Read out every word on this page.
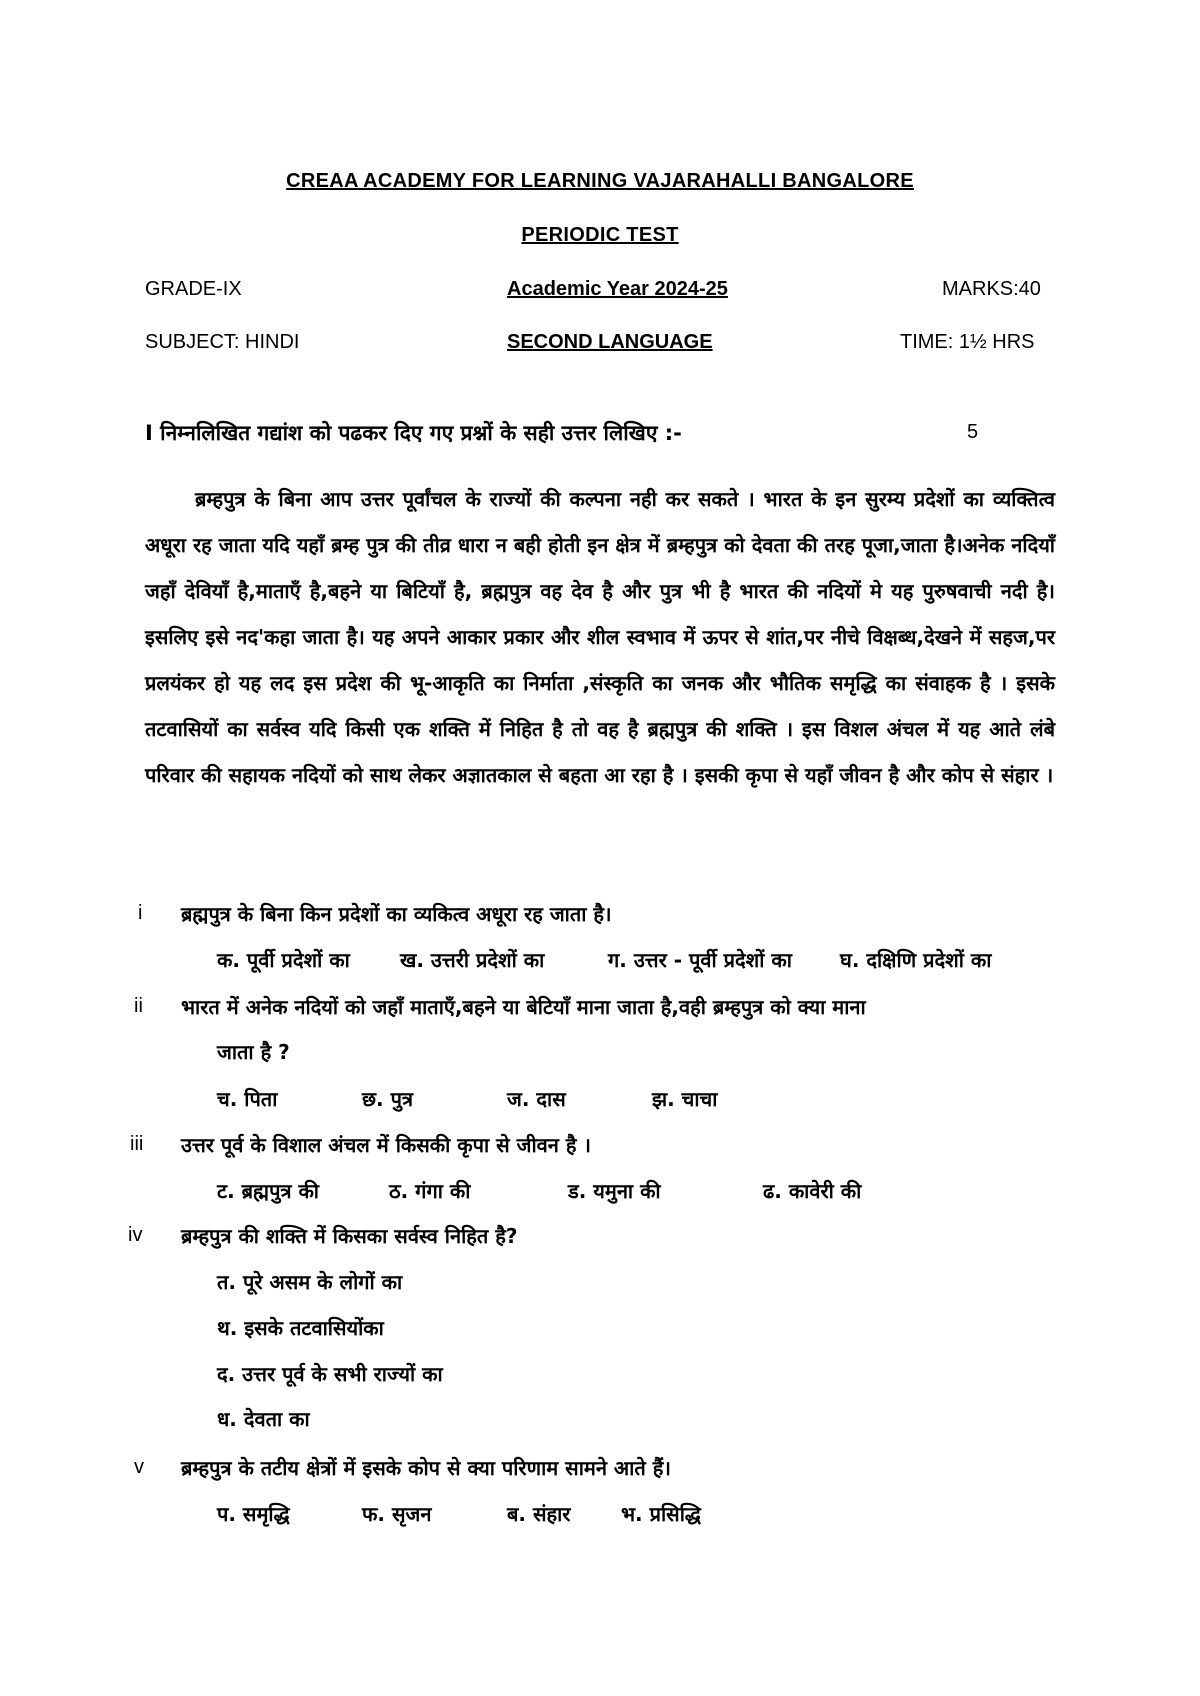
CREAA ACADEMY FOR LEARNING VAJARAHALLI BANGALORE
PERIODIC TEST
GRADE-IX	Academic Year 2024-25	MARKS:40
SUBJECT: HINDI	SECOND LANGUAGE	TIME: 1½ HRS
I निम्नलिखित गद्यांश को पढकर दिए गए प्रश्नों के सही उत्तर लिखिए :-	5

ब्रम्हपुत्र के बिना आप उत्तर पूर्वांचल के राज्यों की कल्पना नही कर सकते । भारत के इन सुरम्य प्रदेशों का व्यक्तित्व अधूरा रह जाता यदि यहाँ ब्रम्ह पुत्र की तीव्र धारा न बही होती इन क्षेत्र में ब्रम्हपुत्र को देवता की तरह पूजा,जाता है।अनेक नदियाँ जहाँ देवियाँ है,माताएँ है,बहने या बिटियाँ है, ब्रह्मपुत्र वह देव है और पुत्र भी है भारत की नदियों मे यह पुरुषवाची नदी है। इसलिए इसे नद'कहा जाता है। यह अपने आकार प्रकार और शील स्वभाव में ऊपर से शांत,पर नीचे विक्षब्ध,देखने में सहज,पर प्रलयंकर हो यह लद इस प्रदेश की भू-आकृति का निर्माता ,संस्कृति का जनक और भौतिक समृद्धि का संवाहक है । इसके तटवासियों का सर्वस्व यदि किसी एक शक्ति में निहित है तो वह है ब्रह्मपुत्र की शक्ति । इस विशल अंचल में यह आते लंबे परिवार की सहायक नदियों को साथ लेकर अज्ञातकाल से बहता आ रहा है । इसकी कृपा से यहाँ जीवन है और कोप से संहार ।

i ब्रह्मपुत्र के बिना किन प्रदेशों का व्यकित्व अधूरा रह जाता है।
क. पूर्वी प्रदेशों का	ख. उत्तरी प्रदेशों का	ग. उत्तर - पूर्वी प्रदेशों का घ. दक्षिणि प्रदेशों का
ii भारत में अनेक नदियों को जहाँ माताएँ,बहने या बेटियाँ माना जाता है,वही ब्रम्हपुत्र को क्या माना
जाता है ?
च. पिता	छ. पुत्र	ज. दास	झ. चाचा
iii उत्तर पूर्व के विशाल अंचल में किसकी कृपा से जीवन है ।
ट. ब्रह्मपुत्र की	ठ. गंगा की	ड. यमुना की	ढ. कावेरी की
iv ब्रम्हपुत्र की शक्ति में किसका सर्वस्व निहित है?
त. पूरे असम के लोगों का
थ. इसके तटवासियोंका
द. उत्तर पूर्व के सभी राज्यों का
ध. देवता का
v ब्रम्हपुत्र के तटीय क्षेत्रों में इसके कोप से क्या परिणाम सामने आते हैं।
प. समृद्धि	फ. सृजन	ब. संहार	भ. प्रसिद्धि
